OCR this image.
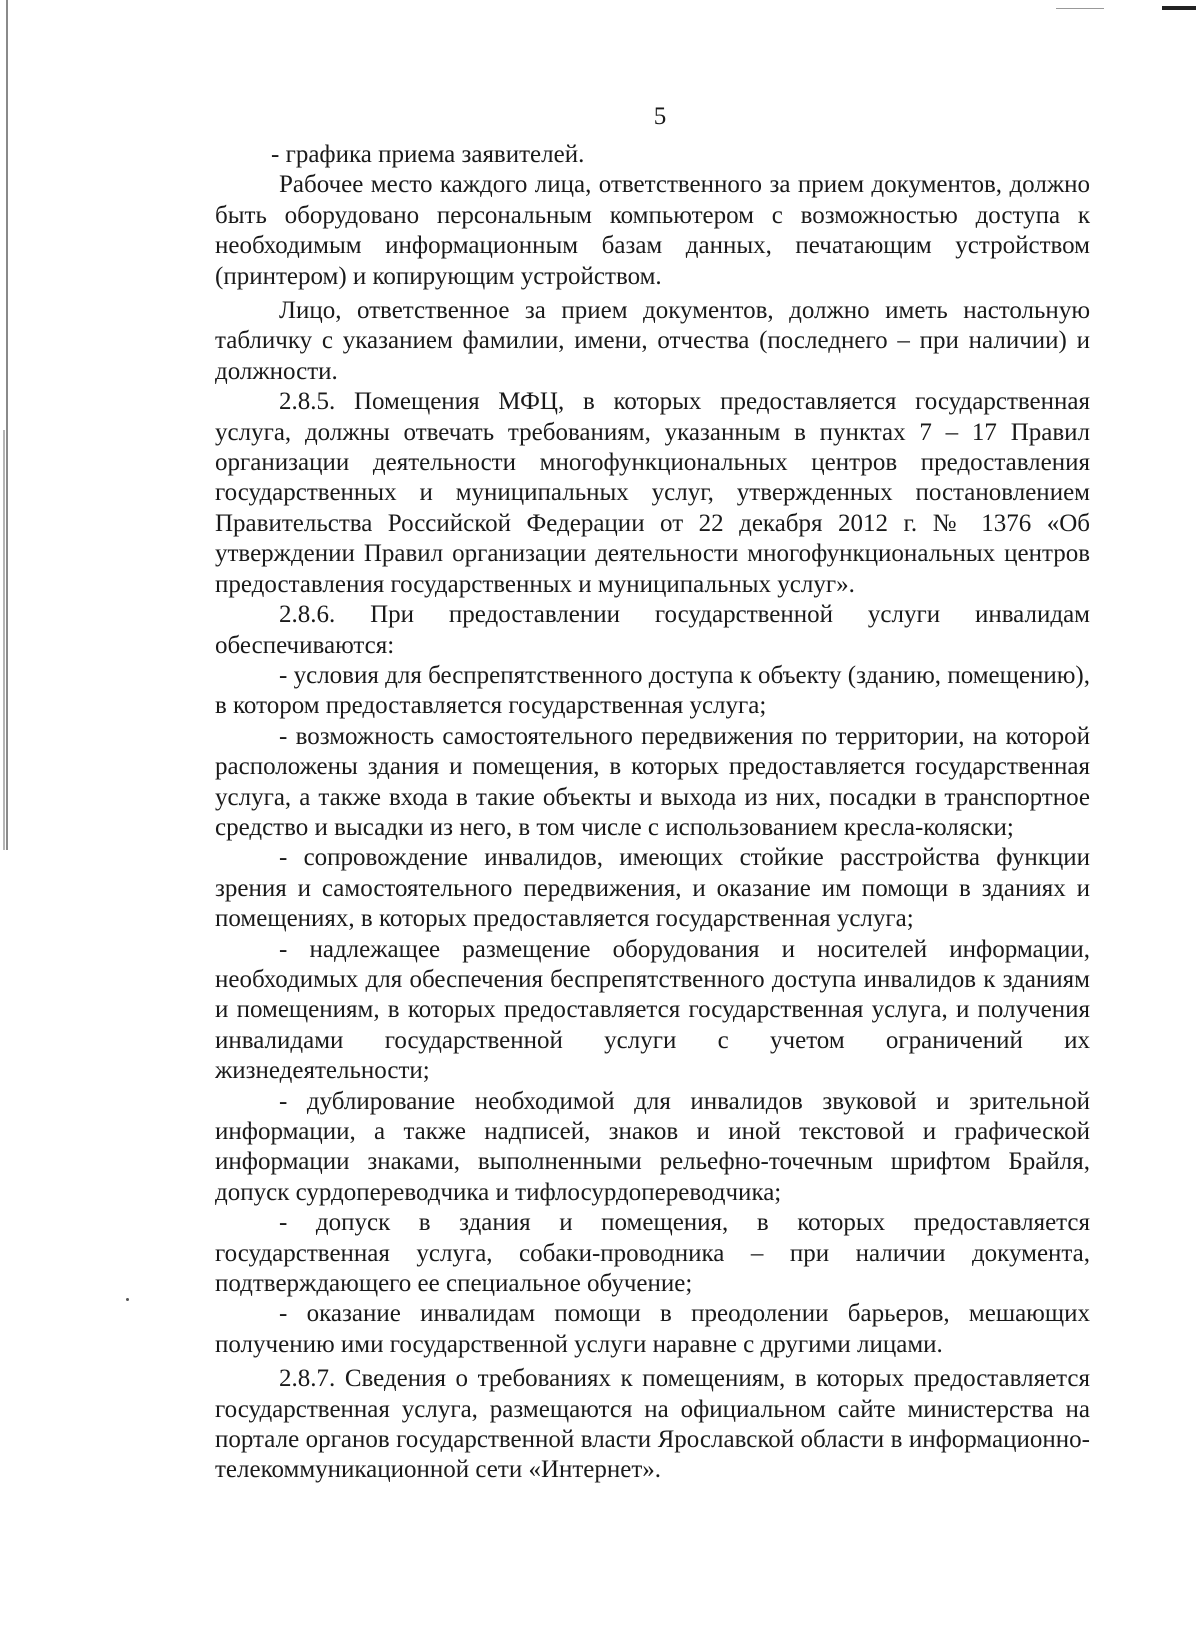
5

- графика приема заявителей.

Рабочее место каждого лица, ответственного за прием документов, должно быть оборудовано персональным компьютером с возможностью доступа к необходимым информационным базам данных, печатающим устройством (принтером) и копирующим устройством.

Лицо, ответственное за прием документов, должно иметь настольную табличку с указанием фамилии, имени, отчества (последнего – при наличии) и должности.

2.8.5. Помещения МФЦ, в которых предоставляется государственная услуга, должны отвечать требованиям, указанным в пунктах 7 – 17 Правил организации деятельности многофункциональных центров предоставления государственных и муниципальных услуг, утвержденных постановлением Правительства Российской Федерации от 22 декабря 2012 г. № 1376 «Об утверждении Правил организации деятельности многофункциональных центров предоставления государственных и муниципальных услуг».

2.8.6. При предоставлении государственной услуги инвалидам обеспечиваются:

- условия для беспрепятственного доступа к объекту (зданию, помещению), в котором предоставляется государственная услуга;

- возможность самостоятельного передвижения по территории, на которой расположены здания и помещения, в которых предоставляется государственная услуга, а также входа в такие объекты и выхода из них, посадки в транспортное средство и высадки из него, в том числе с использованием кресла-коляски;

- сопровождение инвалидов, имеющих стойкие расстройства функции зрения и самостоятельного передвижения, и оказание им помощи в зданиях и помещениях, в которых предоставляется государственная услуга;

- надлежащее размещение оборудования и носителей информации, необходимых для обеспечения беспрепятственного доступа инвалидов к зданиям и помещениям, в которых предоставляется государственная услуга, и получения инвалидами государственной услуги с учетом ограничений их жизнедеятельности;

- дублирование необходимой для инвалидов звуковой и зрительной информации, а также надписей, знаков и иной текстовой и графической информации знаками, выполненными рельефно-точечным шрифтом Брайля, допуск сурдопереводчика и тифлосурдопереводчика;

- допуск в здания и помещения, в которых предоставляется государственная услуга, собаки-проводника – при наличии документа, подтверждающего ее специальное обучение;

- оказание инвалидам помощи в преодолении барьеров, мешающих получению ими государственной услуги наравне с другими лицами.

2.8.7. Сведения о требованиях к помещениям, в которых предоставляется государственная услуга, размещаются на официальном сайте министерства на портале органов государственной власти Ярославской области в информационно-телекоммуникационной сети «Интернет».
